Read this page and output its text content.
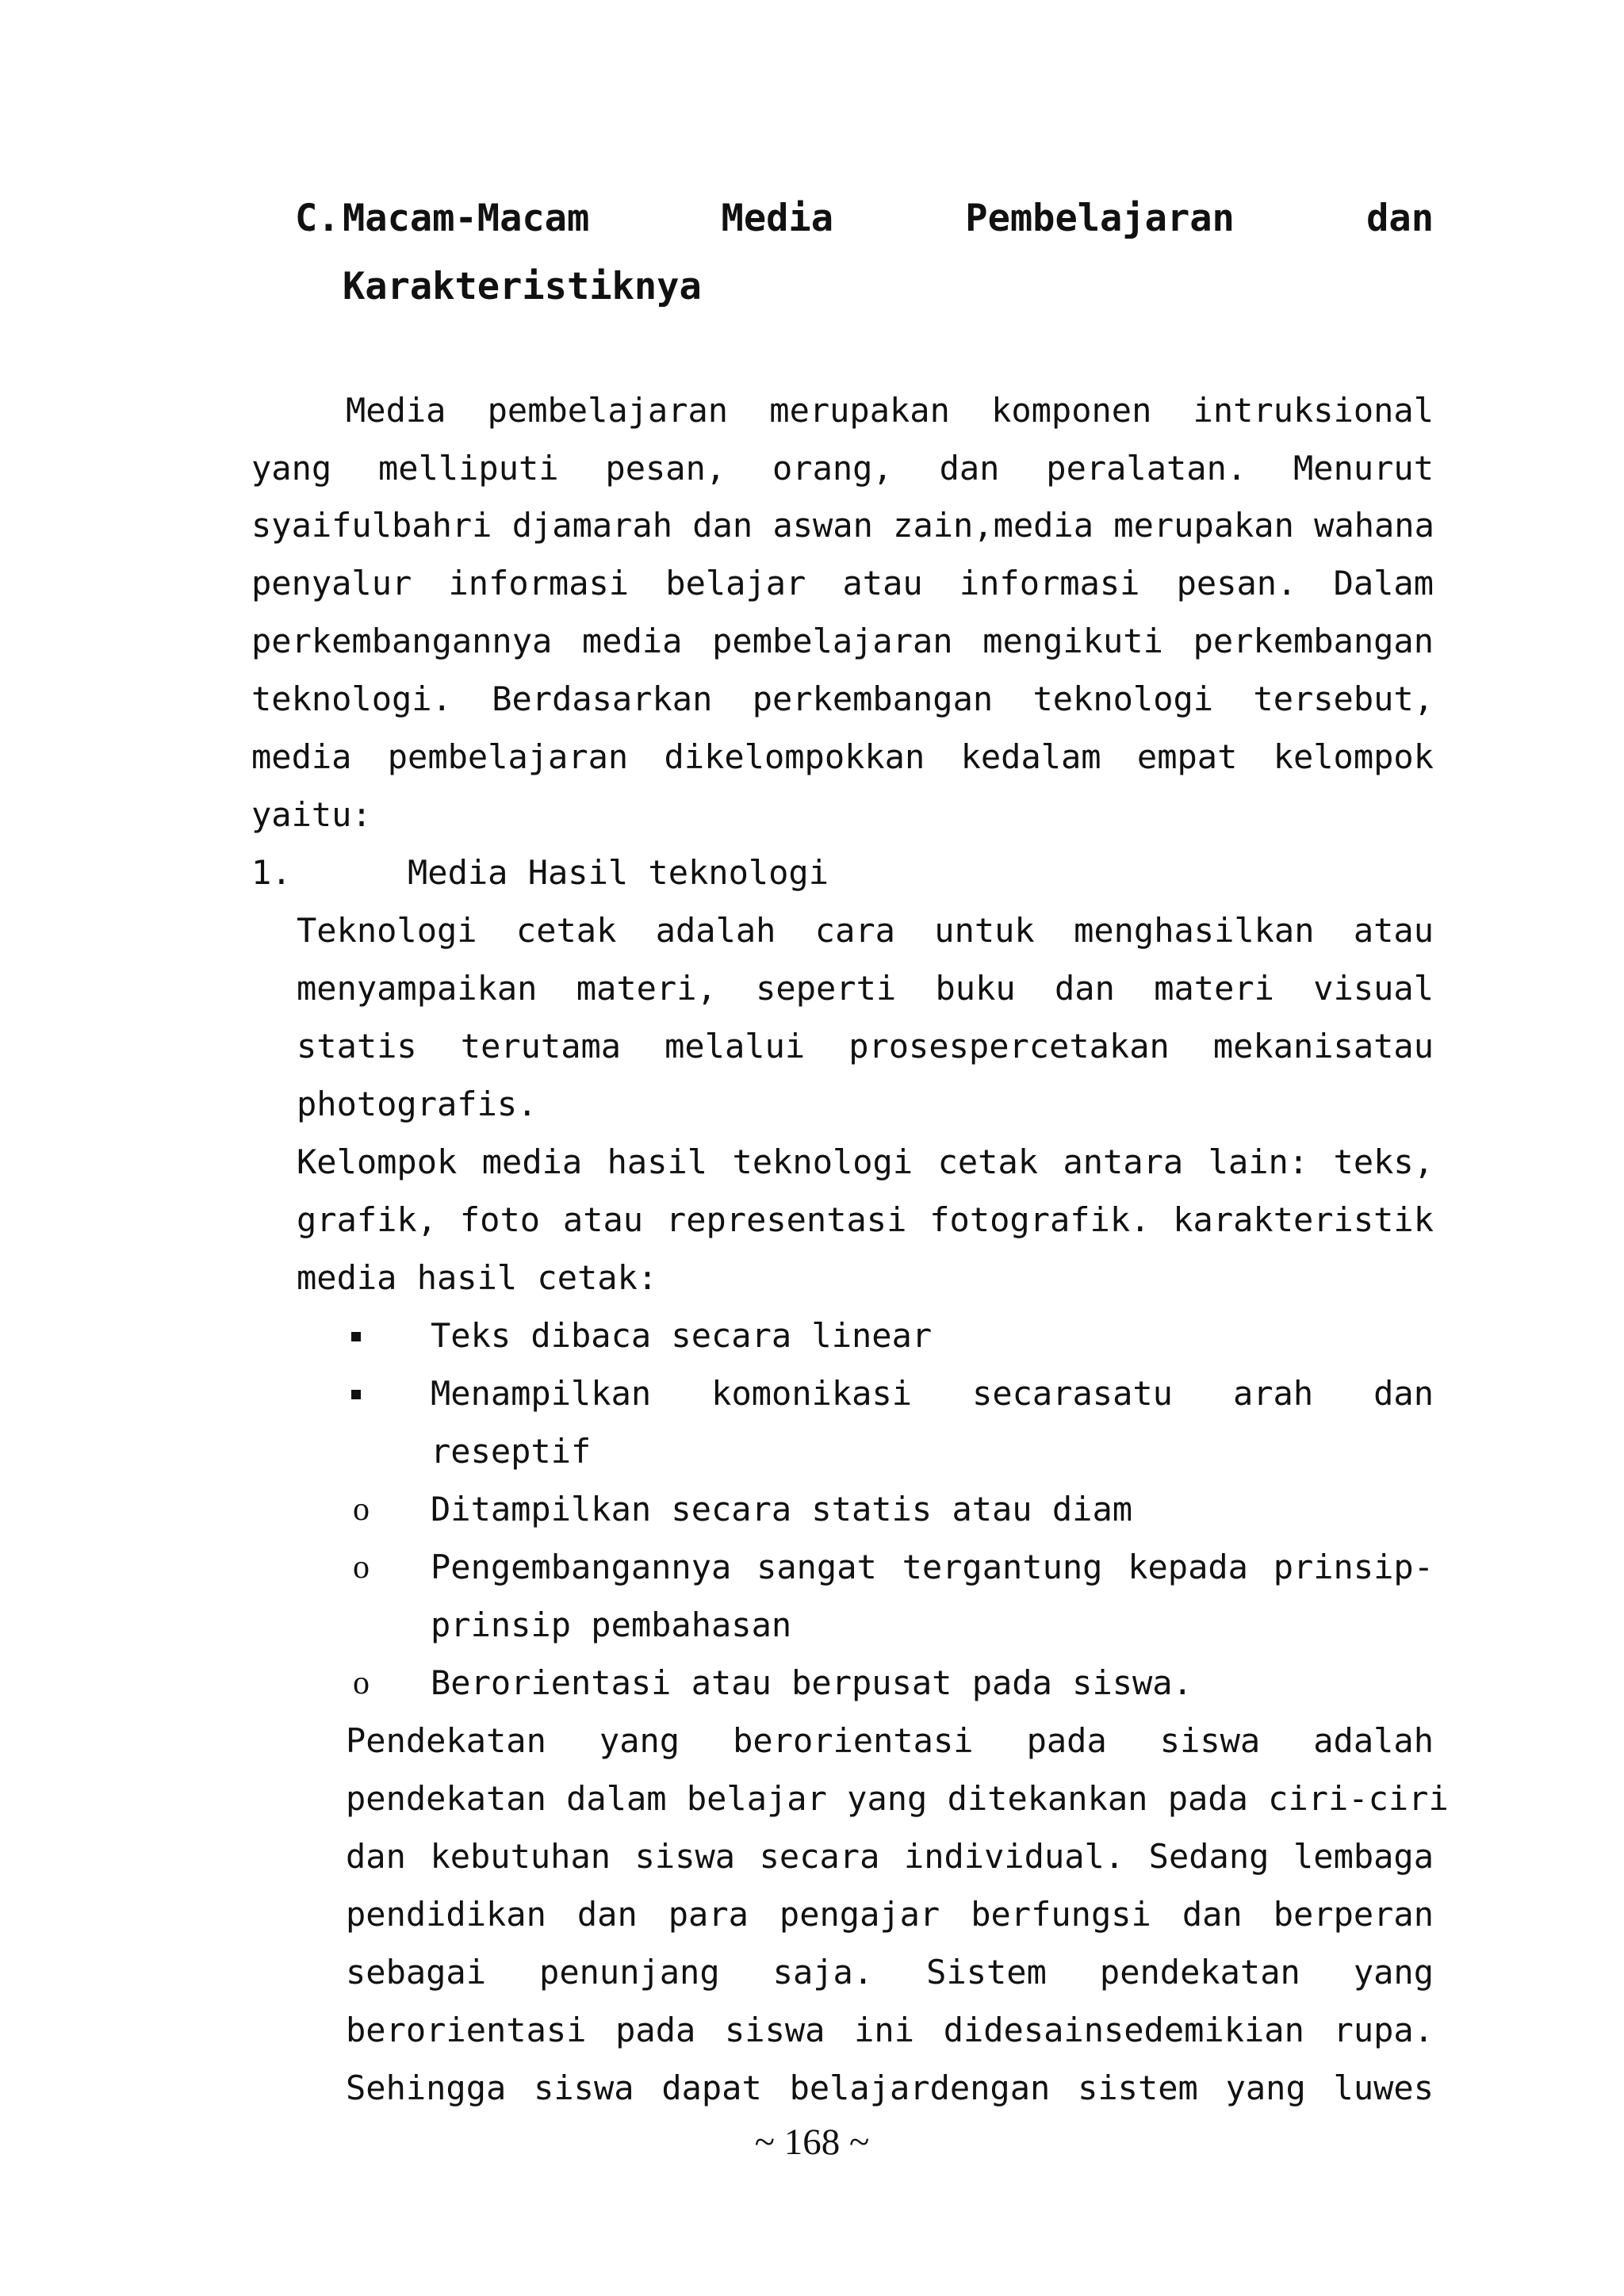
C. Macam-Macam Media Pembelajaran dan
Karakteristiknya
Media pembelajaran merupakan komponen intruksional
yang melliputi pesan, orang, dan peralatan. Menurut
syaifulbahri djamarah dan aswan zain,media merupakan wahana
penyalur informasi belajar atau informasi pesan. Dalam
perkembangannya media pembelajaran mengikuti perkembangan
teknologi. Berdasarkan perkembangan teknologi tersebut,
media pembelajaran dikelompokkan kedalam empat kelompok
yaitu:
1.	Media Hasil teknologi
Teknologi cetak adalah cara untuk menghasilkan atau
menyampaikan materi, seperti buku dan materi visual
statis terutama melalui prosespercetakan mekanisatau
photografis.
Kelompok media hasil teknologi cetak antara lain: teks,
grafik, foto atau representasi fotografik. karakteristik
media hasil cetak:
Teks dibaca secara linear
Menampilkan komonikasi secarasatu arah dan
reseptif
o Ditampilkan secara statis atau diam
o Pengembangannya sangat tergantung kepada prinsip-
prinsip pembahasan
o Berorientasi atau berpusat pada siswa.
Pendekatan yang berorientasi pada siswa adalah
pendekatan dalam belajar yang ditekankan pada ciri-ciri
dan kebutuhan siswa secara individual. Sedang lembaga
pendidikan dan para pengajar berfungsi dan berperan
sebagai penunjang saja. Sistem pendekatan yang
berorientasi pada siswa ini didesainsedemikian rupa.
Sehingga siswa dapat belajardengan sistem yang luwes
~ 168 ~
